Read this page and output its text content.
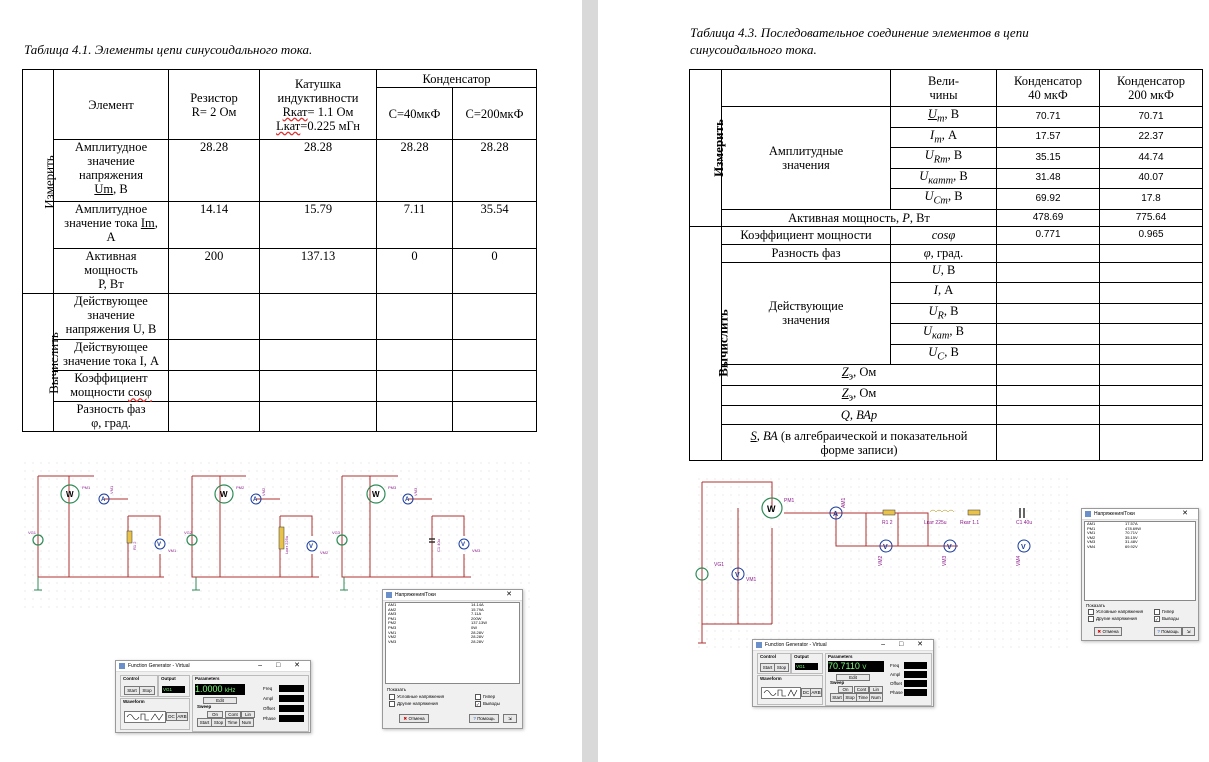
Таблица 4.1. Элементы цепи синусоидального тока.
Измерить	Элемент	Резистор
R= 2 Ом	Катушка
индуктивности
Rкат= 1.1 Ом
Lкат=0.225 мГн	Конденсатор	
				С=40мкФ	С=200мкФ
	Амплитудное
значение
напряжения
Um, В	28.28	28.28	28.28	28.28
	Амплитудное
значение тока Im,
А	14.14	15.79	7.11	35.54
	Активная
мощность
Р, Вт	200	137.13	0	0
Вычислить	Действующее
значение
напряжения U, В				
	Действующее
значение тока I, А				
	Коэффициент
мощности cosφ				
	Разность фаз
φ, град.				
W	W	W
A	A	A
V	V	V
PM1	VM1
VG1
R1 2
VM1
PM2
VM2
VG2
Lкат 225u	VM2
PM3
VM3
VG3
C1 40u	VM3
Напряжения/Токи	✕
AM1	14.14A
AM2	15.79A
AM3	7.11A
PM1	200W
PM2	137.13W
PM3	0W
VM1	28.28V
VM2	28.28V
VM3	28.28V
Показать
Условные напряжения
Другие напряжения
Гипер
✓ Выводы
✖ Отмена	? Помощь	⇲
Function Generator - Virtual	– □ ✕
Control
Start	Stop
Output
VG1
Parameters
1.0000 kHz
Edit
Freq
Ampl
Offset
Phase
Sweep
On	Cont	Lin
Start	Stop Time Num
Waveform
DC ARB
Таблица 4.3. Последовательное соединение элементов в цепи
синусоидального тока.
Измерить		Вели-
чины	Конденсатор
40 мкФ	Конденсатор
200 мкФ
	Амплитудные
значения	$U_m$, В	70.71	70.71
		$I_m$, А	17.57	22.37
		$U_{Rm}$, В	35.15	44.74
		$U_{катm}$, В	31.48	40.07
		$U_{Cm}$, В	69.92	17.8
	Активная мощность, P, Вт		478.69	775.64
Вычислить	Коэффициент мощности	cosφ	0.771	0.965
	Разность фаз	φ, град.		
	Действующие
значения	U, В		
		I, А		
		$U_R$, В		
		$U_{кат}$, В		
		$U_C$, В		
	$Z_э$, Ом			
	$Z_э$, Ом			
	Q, ВАр			
	S, ВА (в алгебраической и показательной
форме записи)			
W
A
V
V	V	V
PM1	AM1
VG1
VM1
R1 2	Lкат 225u	Rкат 1.1	C1 40u
VM2	VM3	VM4
Напряжения/Токи	✕
AM1	17.57A
PM1	478.69W
VM1	70.71V
VM2	35.15V
VM3	31.48V
VM4	69.92V
Показать
Условные напряжения
Другие напряжения
Гипер
✓ Выводы
✖ Отмена	? Помощь	⇲
Function Generator - Virtual	– □ ✕
Control
Start	Stop
Output
VG1
Parameters
70.7110 V
Edit
Freq
Ampl
Offset
Phase
Sweep
On	Cont	Lin
Start Stop Time Num
Waveform
DC ARB
